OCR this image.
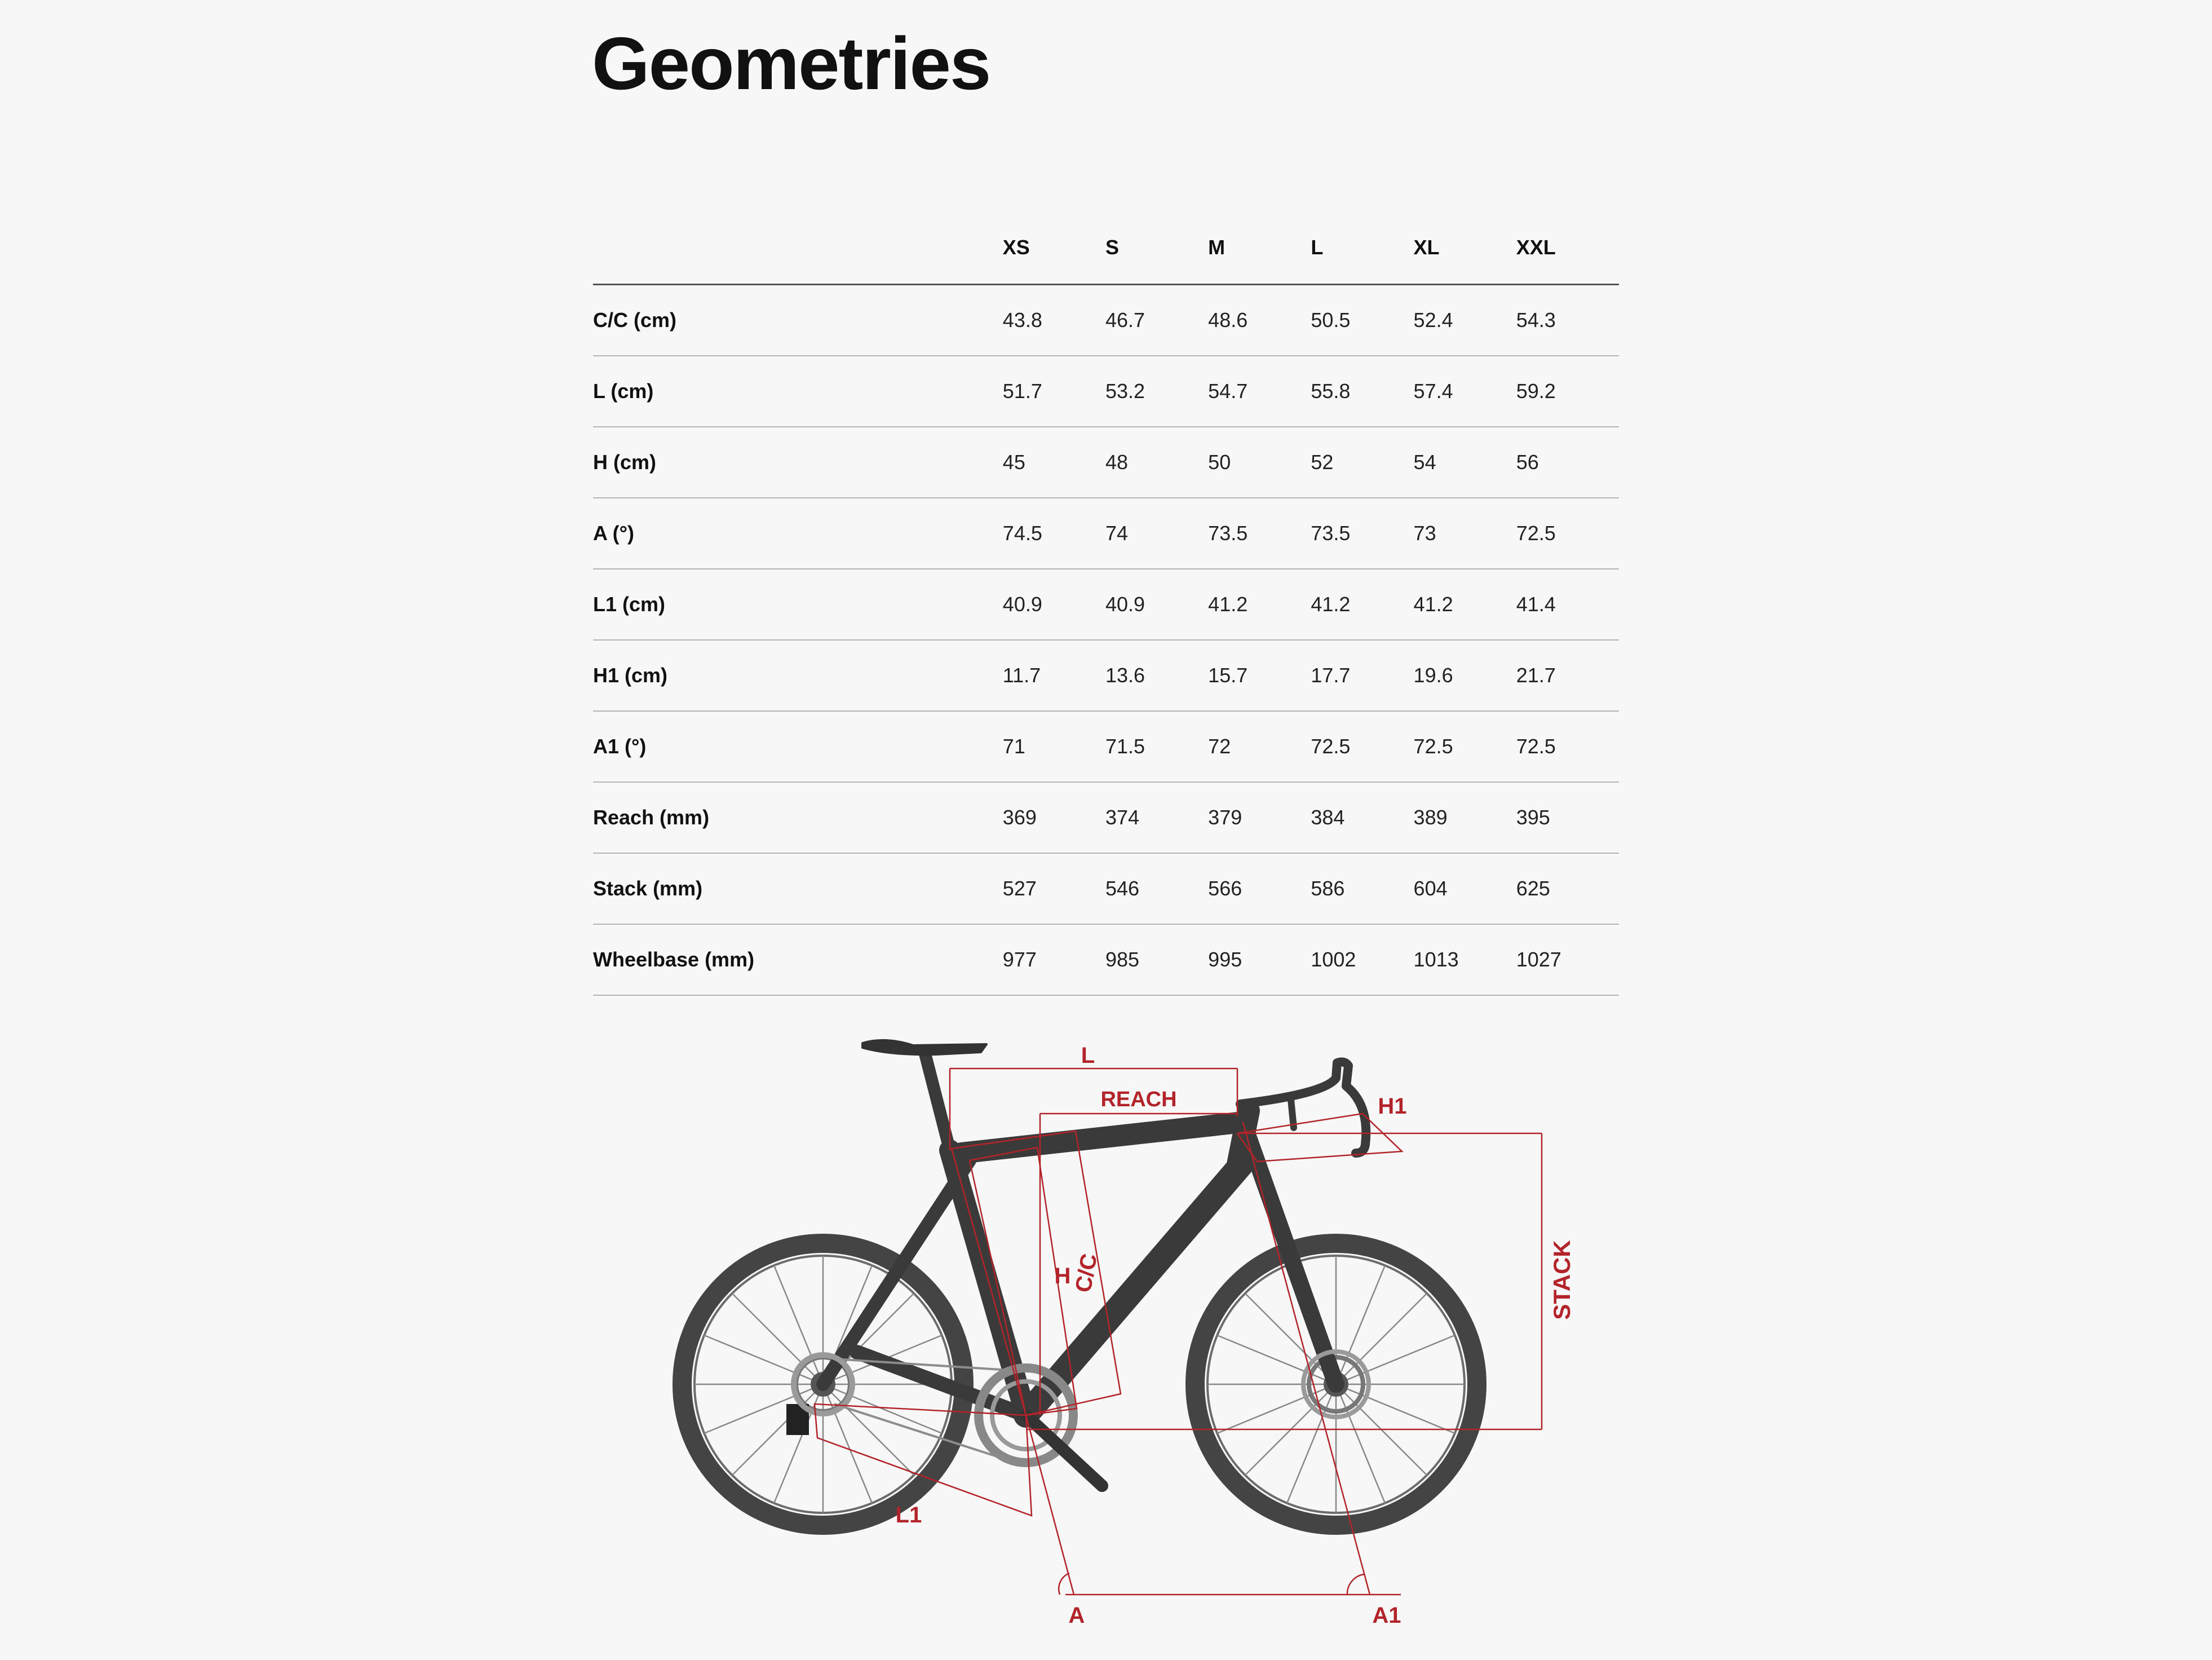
Geometries
	XS	S	M	L	XL	XXL
C/C (cm)	43.8	46.7	48.6	50.5	52.4	54.3
L (cm)	51.7	53.2	54.7	55.8	57.4	59.2
H (cm)	45	48	50	52	54	56
A (°)	74.5	74	73.5	73.5	73	72.5
L1 (cm)	40.9	40.9	41.2	41.2	41.2	41.4
H1 (cm)	11.7	13.6	15.7	17.7	19.6	21.7
A1 (°)	71	71.5	72	72.5	72.5	72.5
Reach (mm)	369	374	379	384	389	395
Stack (mm)	527	546	566	586	604	625
Wheelbase (mm)	977	985	995	1002	1013	1027
L
REACH	H1
C/C
H	STACK
L1
A	A1
